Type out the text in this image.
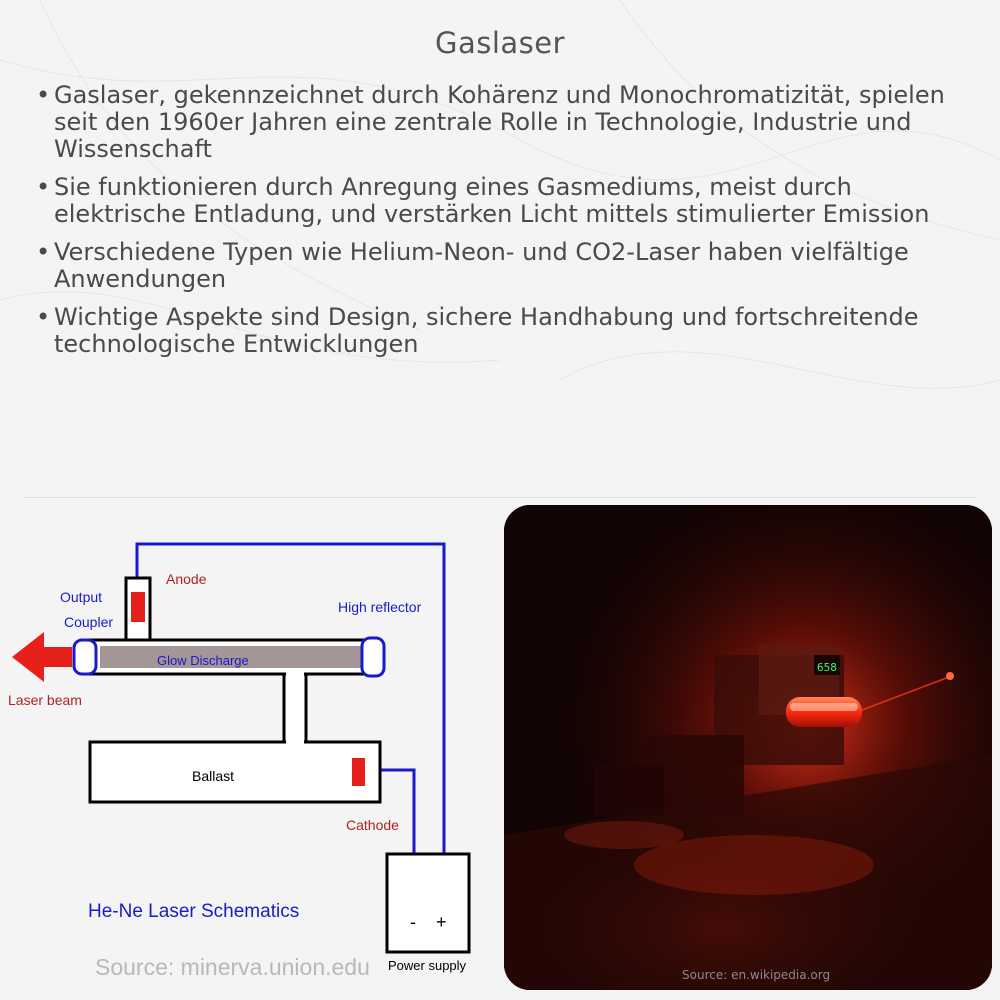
Gaslaser
• Gaslaser, gekennzeichnet durch Kohärenz und Monochromatizität, spielen seit den 1960er Jahren eine zentrale Rolle in Technologie, Industrie und Wissenschaft
• Sie funktionieren durch Anregung eines Gasmediums, meist durch elektrische Entladung, und verstärken Licht mittels stimulierter Emission
• Verschiedene Typen wie Helium-Neon- und CO2-Laser haben vielfältige Anwendungen
• Wichtige Aspekte sind Design, sichere Handhabung und fortschreitende technologische Entwicklungen
Anode
Output
Coupler
High reflector
Glow Discharge
Laser beam
Ballast
Cathode
- +
Power supply
He-Ne Laser Schematics
Source: minerva.union.edu
658
Source: en.wikipedia.org
